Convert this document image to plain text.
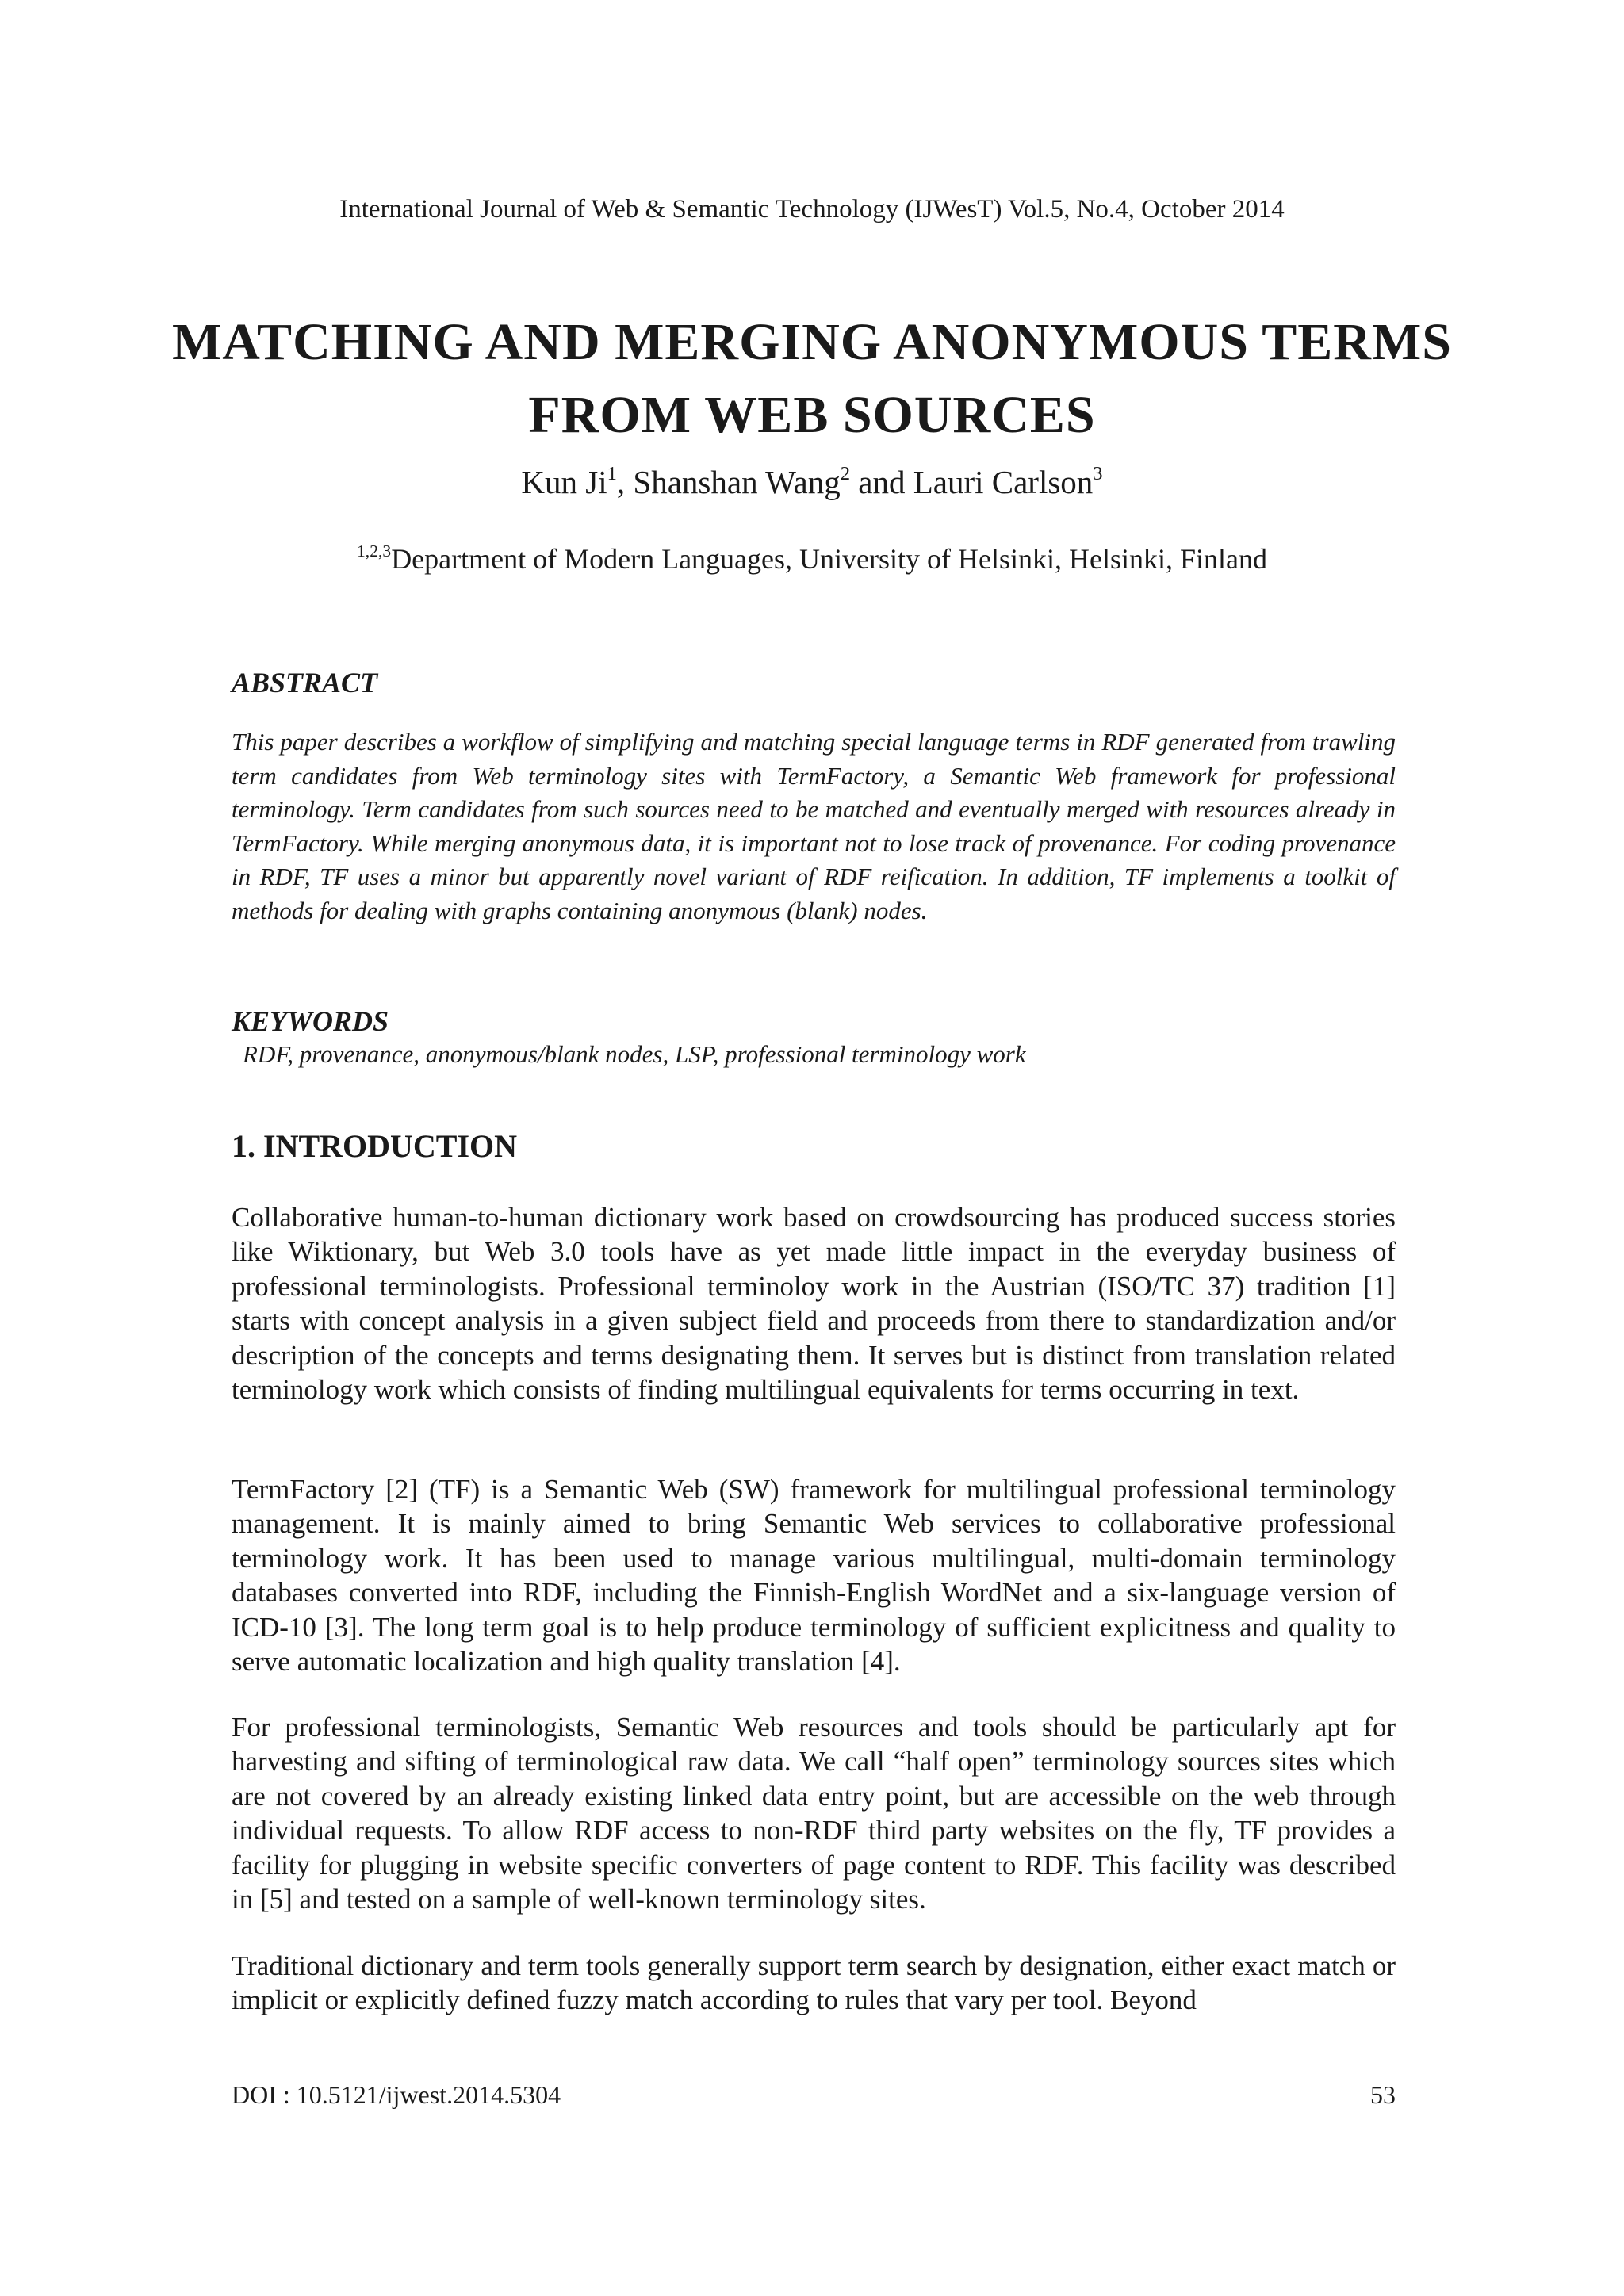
International Journal of Web & Semantic Technology (IJWesT) Vol.5, No.4, October 2014
MATCHING AND MERGING ANONYMOUS TERMS
FROM WEB SOURCES
Kun Ji$^1$, Shanshan Wang$^2$ and Lauri Carlson$^3$
$^{1,2,3}$Department of Modern Languages, University of Helsinki, Helsinki, Finland
ABSTRACT
This paper describes a workflow of simplifying and matching special language terms in RDF generated from trawling term candidates from Web terminology sites with TermFactory, a Semantic Web framework for professional terminology. Term candidates from such sources need to be matched and eventually merged with resources already in TermFactory. While merging anonymous data, it is important not to lose track of provenance. For coding provenance in RDF, TF uses a minor but apparently novel variant of RDF reification. In addition, TF implements a toolkit of methods for dealing with graphs containing anonymous (blank) nodes.
KEYWORDS
RDF, provenance, anonymous/blank nodes, LSP, professional terminology work
1. INTRODUCTION
Collaborative human-to-human dictionary work based on crowdsourcing has produced success stories like Wiktionary, but Web 3.0 tools have as yet made little impact in the everyday business of professional terminologists. Professional terminoloy work in the Austrian (ISO/TC 37) tradition [1] starts with concept analysis in a given subject field and proceeds from there to standardization and/or description of the concepts and terms designating them. It serves but is distinct from translation related terminology work which consists of finding multilingual equivalents for terms occurring in text.
TermFactory [2] (TF) is a Semantic Web (SW) framework for multilingual professional terminology management. It is mainly aimed to bring Semantic Web services to collaborative professional terminology work. It has been used to manage various multilingual, multi-domain terminology databases converted into RDF, including the Finnish-English WordNet and a six-language version of ICD-10 [3]. The long term goal is to help produce terminology of sufficient explicitness and quality to serve automatic localization and high quality translation [4].
For professional terminologists, Semantic Web resources and tools should be particularly apt for harvesting and sifting of terminological raw data. We call “half open” terminology sources sites which are not covered by an already existing linked data entry point, but are accessible on the web through individual requests. To allow RDF access to non-RDF third party websites on the fly, TF provides a facility for plugging in website specific converters of page content to RDF. This facility was described in [5] and tested on a sample of well-known terminology sites.
Traditional dictionary and term tools generally support term search by designation, either exact match or implicit or explicitly defined fuzzy match according to rules that vary per tool. Beyond
DOI : 10.5121/ijwest.2014.5304	53
